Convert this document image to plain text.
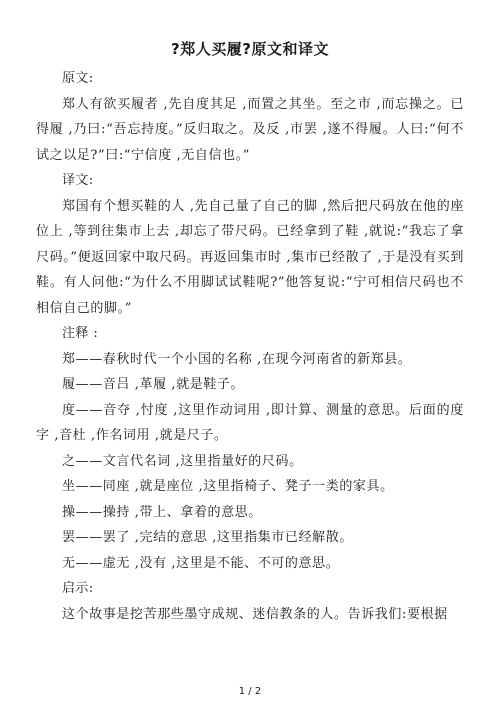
?郑人买履?原文和译文

原文:

郑人有欲买履者 ,先自度其足 ,而置之其坐。至之市 ,而忘操之。已得履 ,乃曰:“吾忘持度。”反归取之。及反 ,市罢 ,遂不得履。人曰:“何不试之以足?”曰:“宁信度 ,无自信也。”

译文:

郑国有个想买鞋的人 ,先自己量了自己的脚 ,然后把尺码放在他的座位上 ,等到往集市上去 ,却忘了带尺码。已经拿到了鞋 ,就说:“我忘了拿尺码。”便返回家中取尺码。再返回集市时 ,集市已经散了 ,于是没有买到鞋。有人问他:“为什么不用脚试试鞋呢?”他答复说:“宁可相信尺码也不相信自己的脚。”

注释 :

郑——春秋时代一个小国的名称 ,在现今河南省的新郑县。

履——音吕 ,革履 ,就是鞋子。

度——音夺 ,忖度 ,这里作动词用 ,即计算、测量的意思。后面的度字 ,音杜 ,作名词用 ,就是尺子。

之——文言代名词 ,这里指量好的尺码。

坐——同座 ,就是座位 ,这里指椅子、凳子一类的家具。

操——操持 ,带上、拿着的意思。

罢——罢了 ,完结的意思 ,这里指集市已经解散。

无——虚无 ,没有 ,这里是不能、不可的意思。

启示:

这个故事是挖苦那些墨守成规、迷信教条的人。告诉我们:要根据

1 / 2
